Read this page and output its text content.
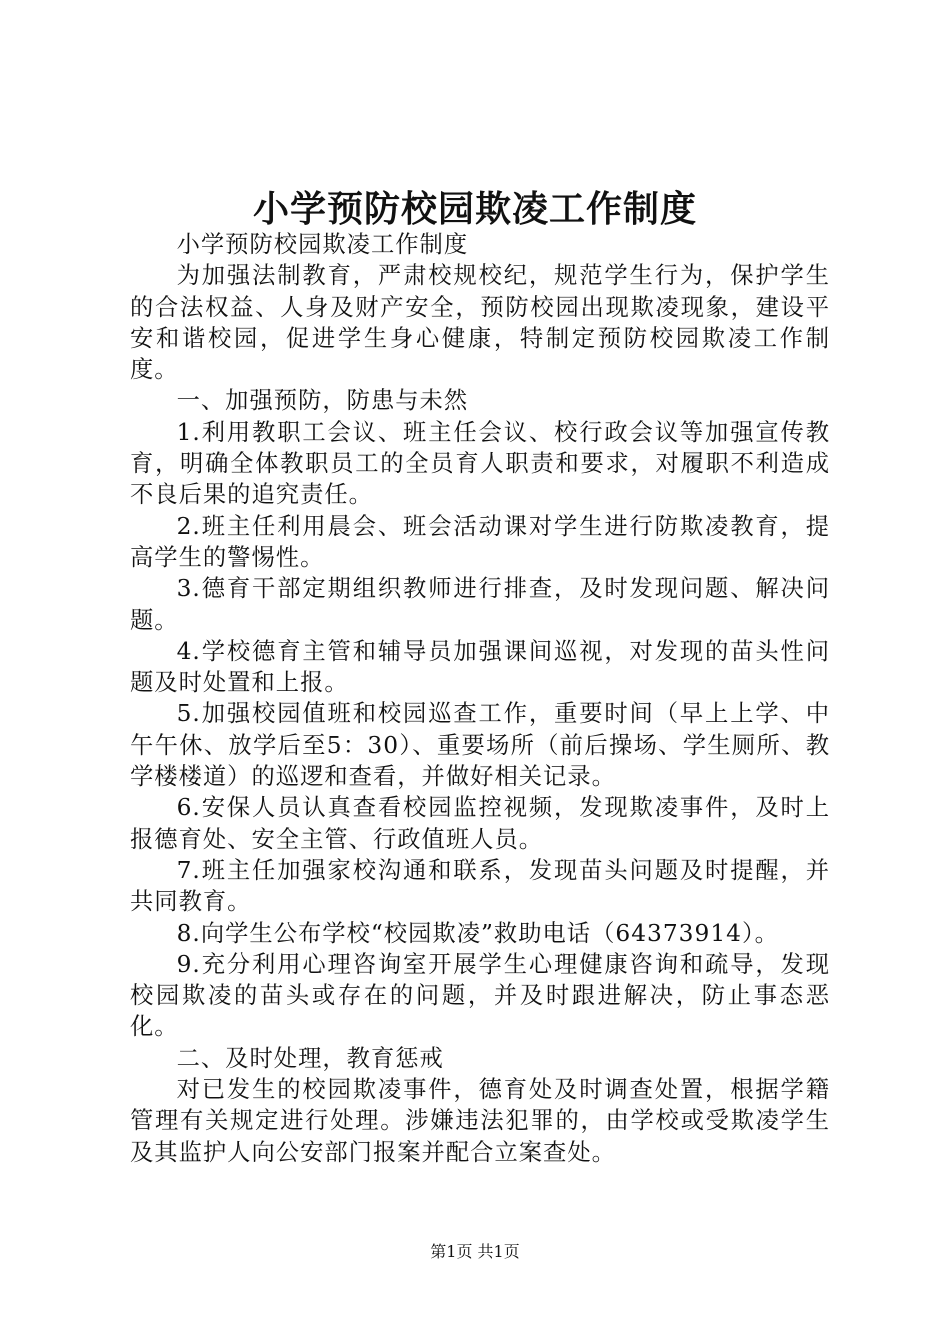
小学预防校园欺凌工作制度

小学预防校园欺凌工作制度

为加强法制教育，严肃校规校纪，规范学生行为，保护学生的合法权益、人身及财产安全，预防校园出现欺凌现象，建设平安和谐校园，促进学生身心健康，特制定预防校园欺凌工作制度。

一、加强预防，防患与未然

1.利用教职工会议、班主任会议、校行政会议等加强宣传教育，明确全体教职员工的全员育人职责和要求，对履职不利造成不良后果的追究责任。

2.班主任利用晨会、班会活动课对学生进行防欺凌教育，提高学生的警惕性。

3.德育干部定期组织教师进行排查，及时发现问题、解决问题。

4.学校德育主管和辅导员加强课间巡视，对发现的苗头性问题及时处置和上报。

5.加强校园值班和校园巡查工作，重要时间（早上上学、中午午休、放学后至5：30）、重要场所（前后操场、学生厕所、教学楼楼道）的巡逻和查看，并做好相关记录。

6.安保人员认真查看校园监控视频，发现欺凌事件，及时上报德育处、安全主管、行政值班人员。

7.班主任加强家校沟通和联系，发现苗头问题及时提醒，并共同教育。

8.向学生公布学校“校园欺凌”救助电话（64373914）。

9.充分利用心理咨询室开展学生心理健康咨询和疏导，发现校园欺凌的苗头或存在的问题，并及时跟进解决，防止事态恶化。

二、及时处理，教育惩戒

对已发生的校园欺凌事件，德育处及时调查处置，根据学籍管理有关规定进行处理。涉嫌违法犯罪的，由学校或受欺凌学生及其监护人向公安部门报案并配合立案查处。

第1页 共1页
